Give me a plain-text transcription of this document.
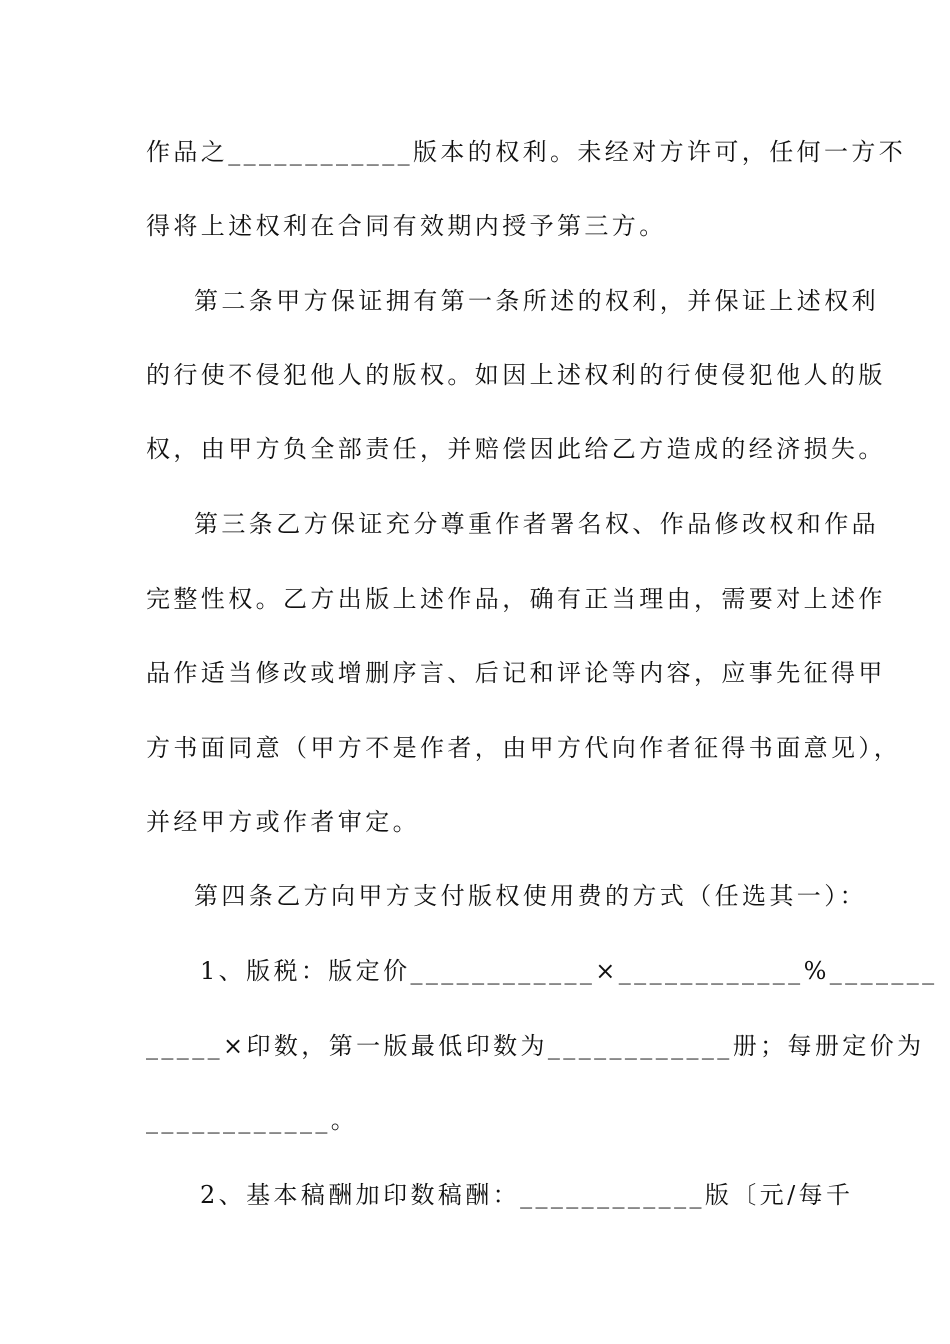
作品之____________版本的权利。未经对方许可，任何一方不
得将上述权利在合同有效期内授予第三方。
第二条甲方保证拥有第一条所述的权利，并保证上述权利
的行使不侵犯他人的版权。如因上述权利的行使侵犯他人的版
权，由甲方负全部责任，并赔偿因此给乙方造成的经济损失。
第三条乙方保证充分尊重作者署名权、作品修改权和作品
完整性权。乙方出版上述作品，确有正当理由，需要对上述作
品作适当修改或增删序言、后记和评论等内容，应事先征得甲
方书面同意（甲方不是作者，由甲方代向作者征得书面意见），
并经甲方或作者审定。
第四条乙方向甲方支付版权使用费的方式（任选其一）：
1、版税：版定价____________×____________%_______
_____×印数，第一版最低印数为____________册；每册定价为
____________。
2、基本稿酬加印数稿酬：____________版〔元/每千
